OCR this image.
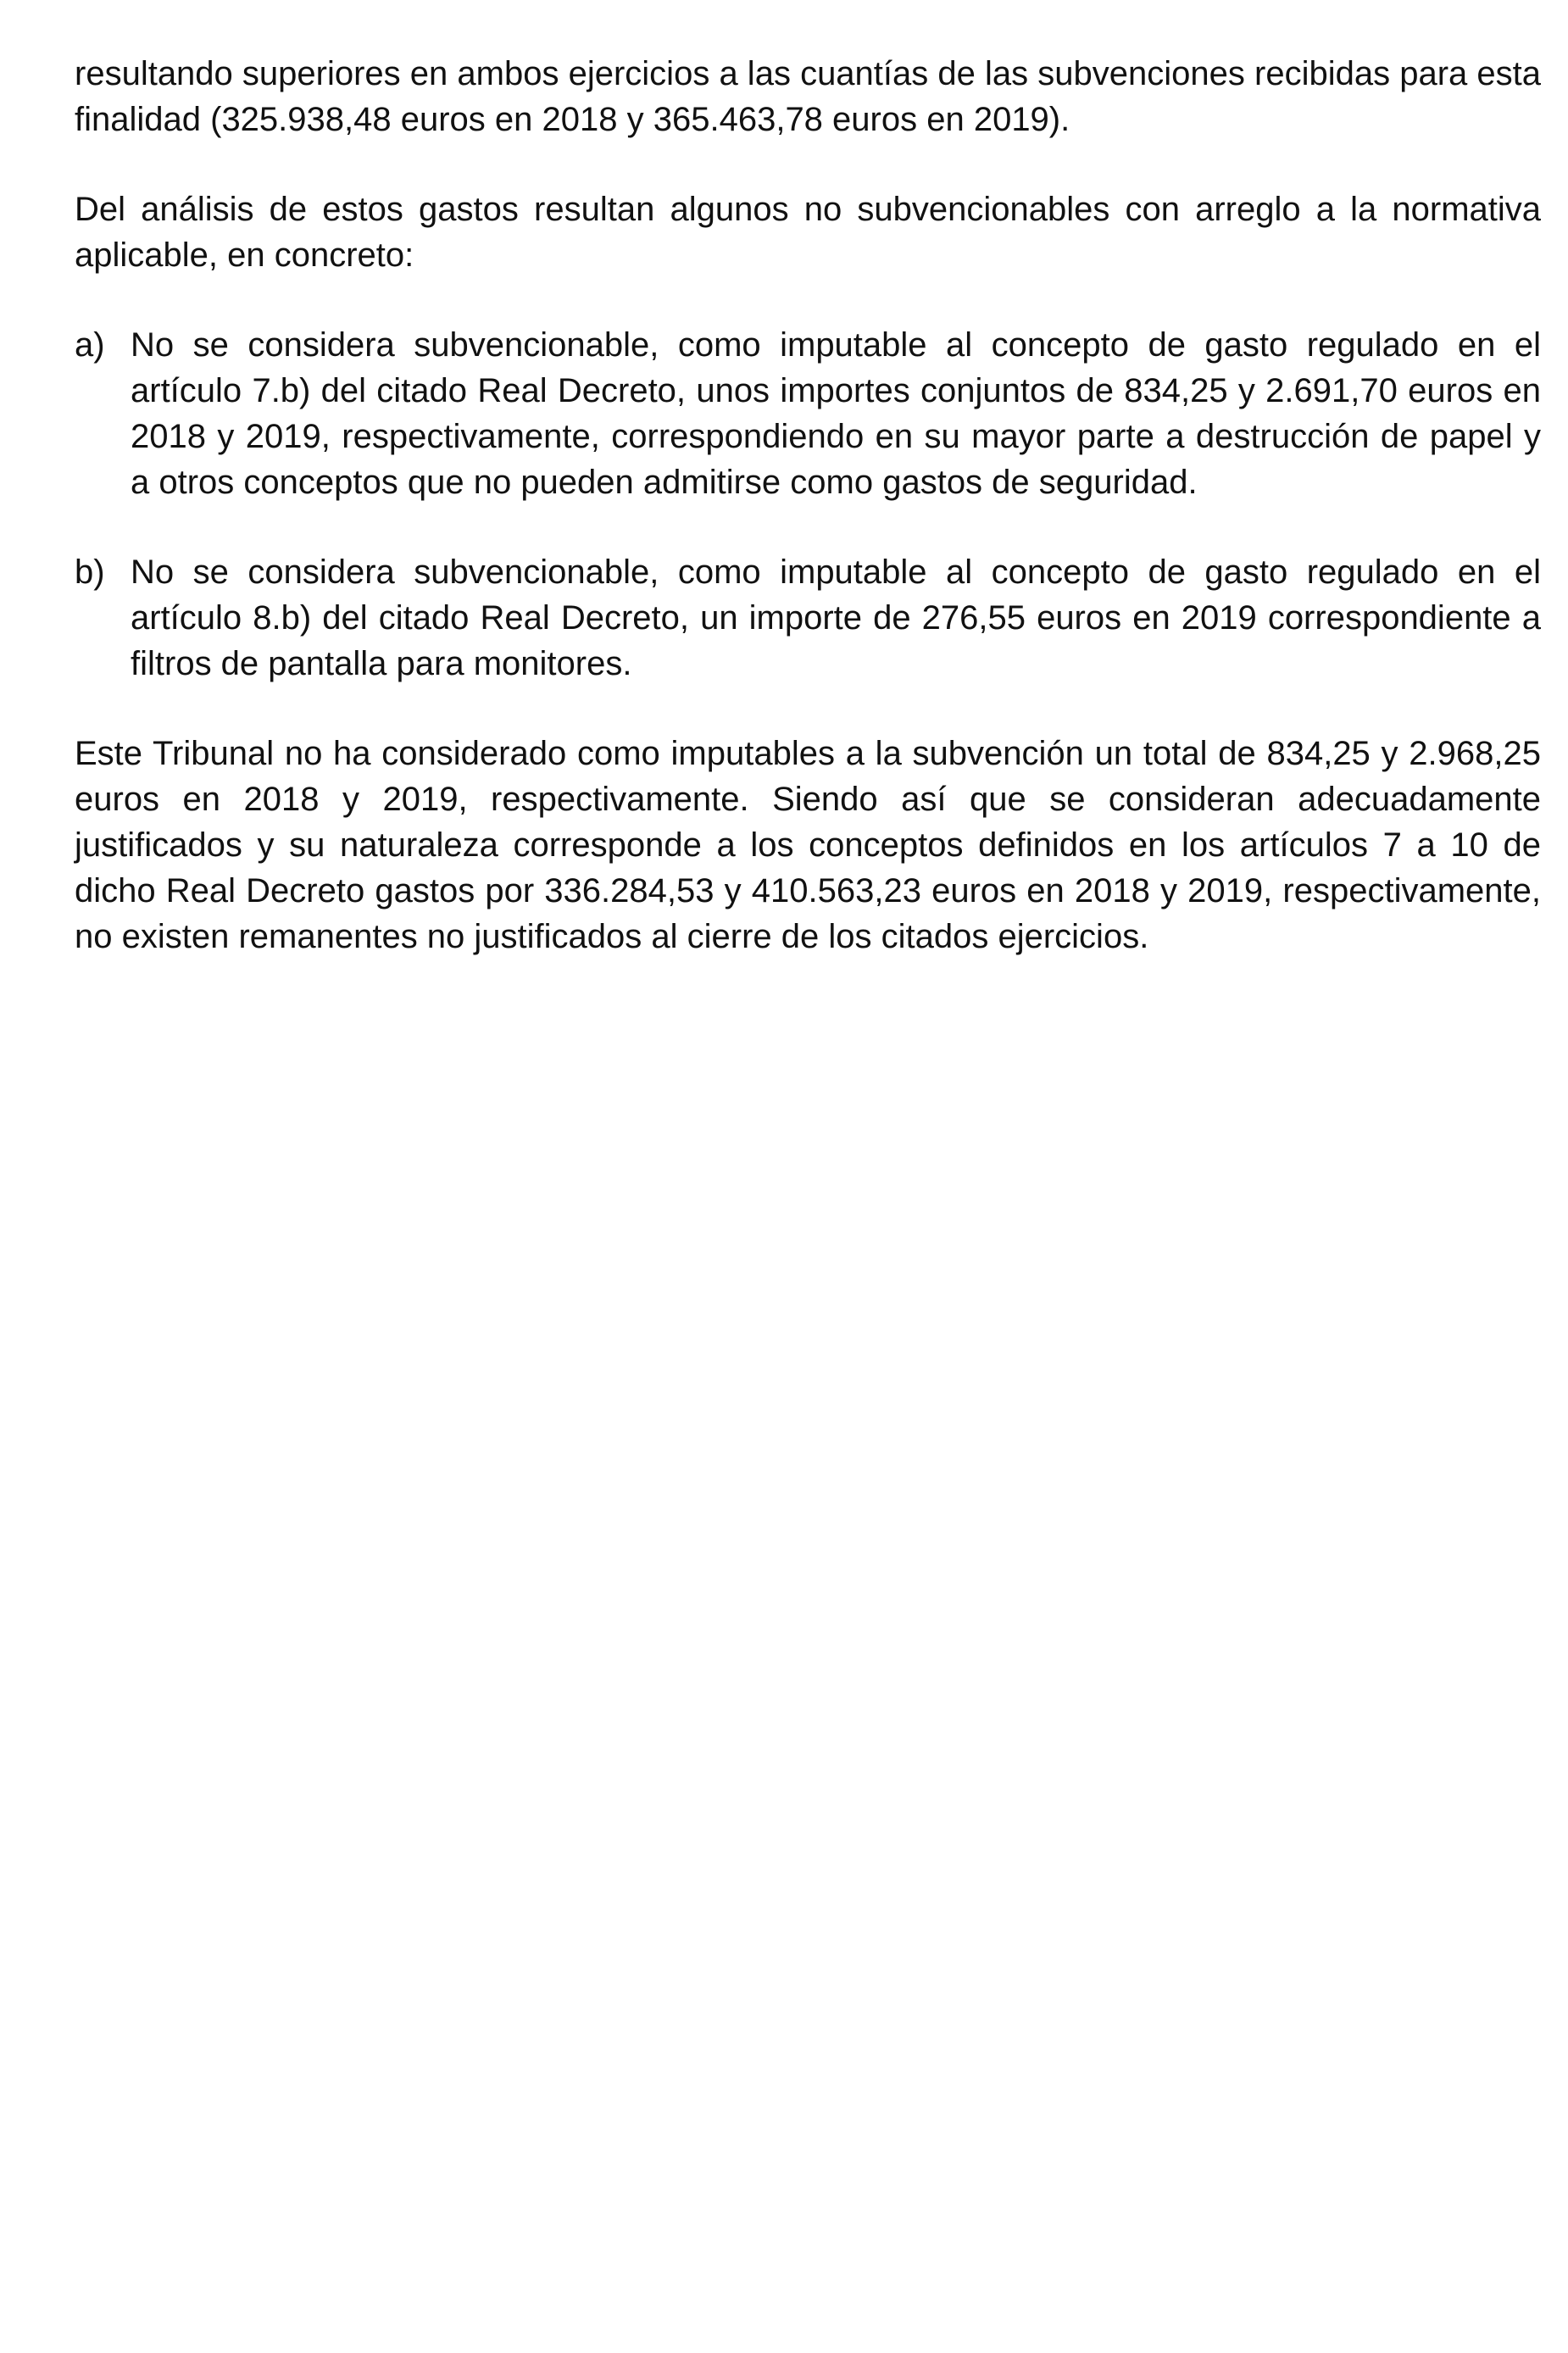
resultando superiores en ambos ejercicios a las cuantías de las subvenciones recibidas para esta finalidad (325.938,48 euros en 2018 y 365.463,78 euros en 2019).

Del análisis de estos gastos resultan algunos no subvencionables con arreglo a la normativa aplicable, en concreto:

a) No se considera subvencionable, como imputable al concepto de gasto regulado en el artículo 7.b) del citado Real Decreto, unos importes conjuntos de 834,25 y 2.691,70 euros en 2018 y 2019, respectivamente, correspondiendo en su mayor parte a destrucción de papel y a otros conceptos que no pueden admitirse como gastos de seguridad.
b) No se considera subvencionable, como imputable al concepto de gasto regulado en el artículo 8.b) del citado Real Decreto, un importe de 276,55 euros en 2019 correspondiente a filtros de pantalla para monitores.

Este Tribunal no ha considerado como imputables a la subvención un total de 834,25 y 2.968,25 euros en 2018 y 2019, respectivamente. Siendo así que se consideran adecuadamente justificados y su naturaleza corresponde a los conceptos definidos en los artículos 7 a 10 de dicho Real Decreto gastos por 336.284,53 y 410.563,23 euros en 2018 y 2019, respectivamente, no existen remanentes no justificados al cierre de los citados ejercicios.
